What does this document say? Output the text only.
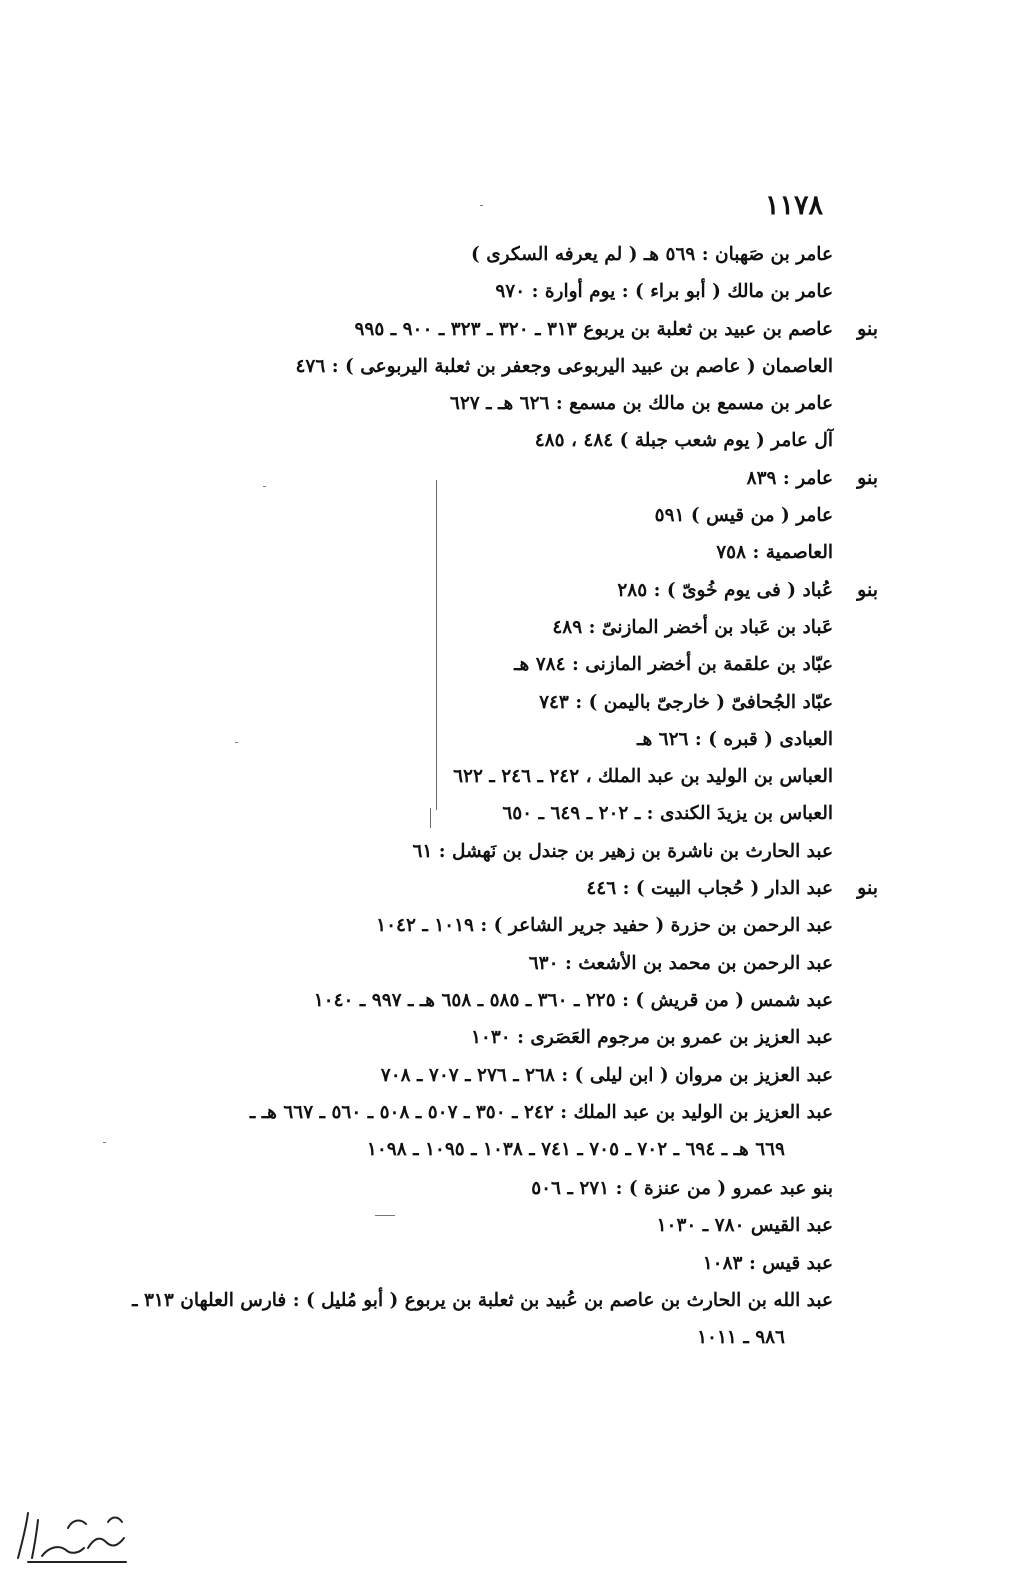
١١٧٨
عامر بن صَهبان : ٥٦٩ هـ ( لم يعرفه السكرى )
عامر بن مالك ( أبو براء ) : يوم أوارة : ٩٧٠
بنو
عاصم بن عبيد بن ثعلبة بن يربوع ٣١٣ ـ ٣٢٠ ـ ٣٢٣ ـ ٩٠٠ ـ ٩٩٥
العاصمان ( عاصم بن عبيد اليربوعى وجعفر بن ثعلبة اليربوعى ) : ٤٧٦
عامر بن مسمع بن مالك بن مسمع : ٦٢٦ هـ ـ ٦٢٧
آل عامر ( يوم شعب جبلة ) ٤٨٤ ، ٤٨٥
بنو
عامر : ٨٣٩
عامر ( من قيس ) ٥٩١
العاصمية : ٧٥٨
بنو
عُباد ( فى يوم خُوىّ ) : ٢٨٥
عَباد بن عَباد بن أخضر المازنىّ : ٤٨٩
عبّاد بن علقمة بن أخضر المازنى : ٧٨٤ هـ
عبّاد الجُحافىّ ( خارجىّ باليمن ) : ٧٤٣
العبادى ( قبره ) : ٦٢٦ هـ
العباس بن الوليد بن عبد الملك ، ٢٤٢ ـ ٢٤٦ ـ ٦٢٢
العباس بن يزيدَ الكندى : ـ ٢٠٢ ـ ٦٤٩ ـ ٦٥٠
عبد الحارث بن ناشرة بن زهير بن جندل بن نَهشل : ٦١
بنو
عبد الدار ( حُجاب البيت ) : ٤٤٦
عبد الرحمن بن حزرة ( حفيد جرير الشاعر ) : ١٠١٩ ـ ١٠٤٢
عبد الرحمن بن محمد بن الأشعث : ٦٣٠
عبد شمس ( من قريش ) : ٢٢٥ ـ ٣٦٠ ـ ٥٨٥ ـ ٦٥٨ هـ ـ ٩٩٧ ـ ١٠٤٠
عبد العزيز بن عمرو بن مرجوم العَصَرى : ١٠٣٠
عبد العزيز بن مروان ( ابن ليلى ) : ٢٦٨ ـ ٢٧٦ ـ ٧٠٧ ـ ٧٠٨
عبد العزيز بن الوليد بن عبد الملك : ٢٤٢ ـ ٣٥٠ ـ ٥٠٧ ـ ٥٠٨ ـ ٥٦٠ ـ ٦٦٧ هـ ـ
٦٦٩ هـ ـ ٦٩٤ ـ ٧٠٢ ـ ٧٠٥ ـ ٧٤١ ـ ١٠٣٨ ـ ١٠٩٥ ـ ١٠٩٨
بنو عبد عمرو ( من عنزة ) : ٢٧١ ـ ٥٠٦
عبد القيس ٧٨٠ ـ ١٠٣٠
عبد قيس : ١٠٨٣
عبد الله بن الحارث بن عاصم بن عُبيد بن ثعلبة بن يربوع ( أبو مُليل ) : فارس العلهان ٣١٣ ـ
٩٨٦ ـ ١٠١١
